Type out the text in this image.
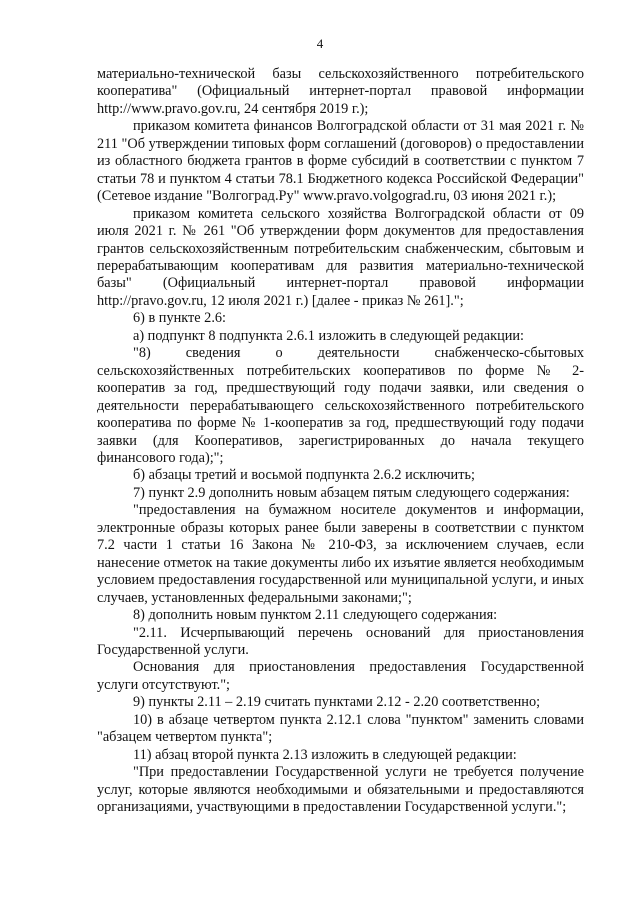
4

материально-технической базы сельскохозяйственного потребительского кооператива" (Официальный интернет-портал правовой информации http://www.pravo.gov.ru, 24 сентября 2019 г.);

приказом комитета финансов Волгоградской области от 31 мая 2021 г. № 211 "Об утверждении типовых форм соглашений (договоров) о предоставлении из областного бюджета грантов в форме субсидий в соответствии с пунктом 7 статьи 78 и пунктом 4 статьи 78.1 Бюджетного кодекса Российской Федерации" (Сетевое издание "Волгоград.Ру" www.pravo.volgograd.ru, 03 июня 2021 г.);

приказом комитета сельского хозяйства Волгоградской области от 09 июля 2021 г. № 261 "Об утверждении форм документов для предоставления грантов сельскохозяйственным потребительским снабженческим, сбытовым и перерабатывающим кооперативам для развития материально-технической базы" (Официальный интернет-портал правовой информации http://pravo.gov.ru, 12 июля 2021 г.) [далее - приказ № 261].";

6) в пункте 2.6:

а) подпункт 8 подпункта 2.6.1 изложить в следующей редакции:

"8) сведения о деятельности снабженческо-сбытовых сельскохозяйственных потребительских кооперативов по форме № 2-кооператив за год, предшествующий году подачи заявки, или сведения о деятельности перерабатывающего сельскохозяйственного потребительского кооператива по форме № 1-кооператив за год, предшествующий году подачи заявки (для Кооперативов, зарегистрированных до начала текущего финансового года);";

б) абзацы третий и восьмой подпункта 2.6.2 исключить;

7) пункт 2.9 дополнить новым абзацем пятым следующего содержания:

"предоставления на бумажном носителе документов и информации, электронные образы которых ранее были заверены в соответствии с пунктом 7.2 части 1 статьи 16 Закона № 210-ФЗ, за исключением случаев, если нанесение отметок на такие документы либо их изъятие является необходимым условием предоставления государственной или муниципальной услуги, и иных случаев, установленных федеральными законами;";

8) дополнить новым пунктом 2.11 следующего содержания:

"2.11. Исчерпывающий перечень оснований для приостановления Государственной услуги.

Основания для приостановления предоставления Государственной услуги отсутствуют.";

9) пункты 2.11 – 2.19 считать пунктами 2.12 - 2.20 соответственно;

10) в абзаце четвертом пункта 2.12.1 слова "пунктом" заменить словами "абзацем четвертом пункта";

11) абзац второй пункта 2.13 изложить в следующей редакции:

"При предоставлении Государственной услуги не требуется получение услуг, которые являются необходимыми и обязательными и предоставляются организациями, участвующими в предоставлении Государственной услуги.";
